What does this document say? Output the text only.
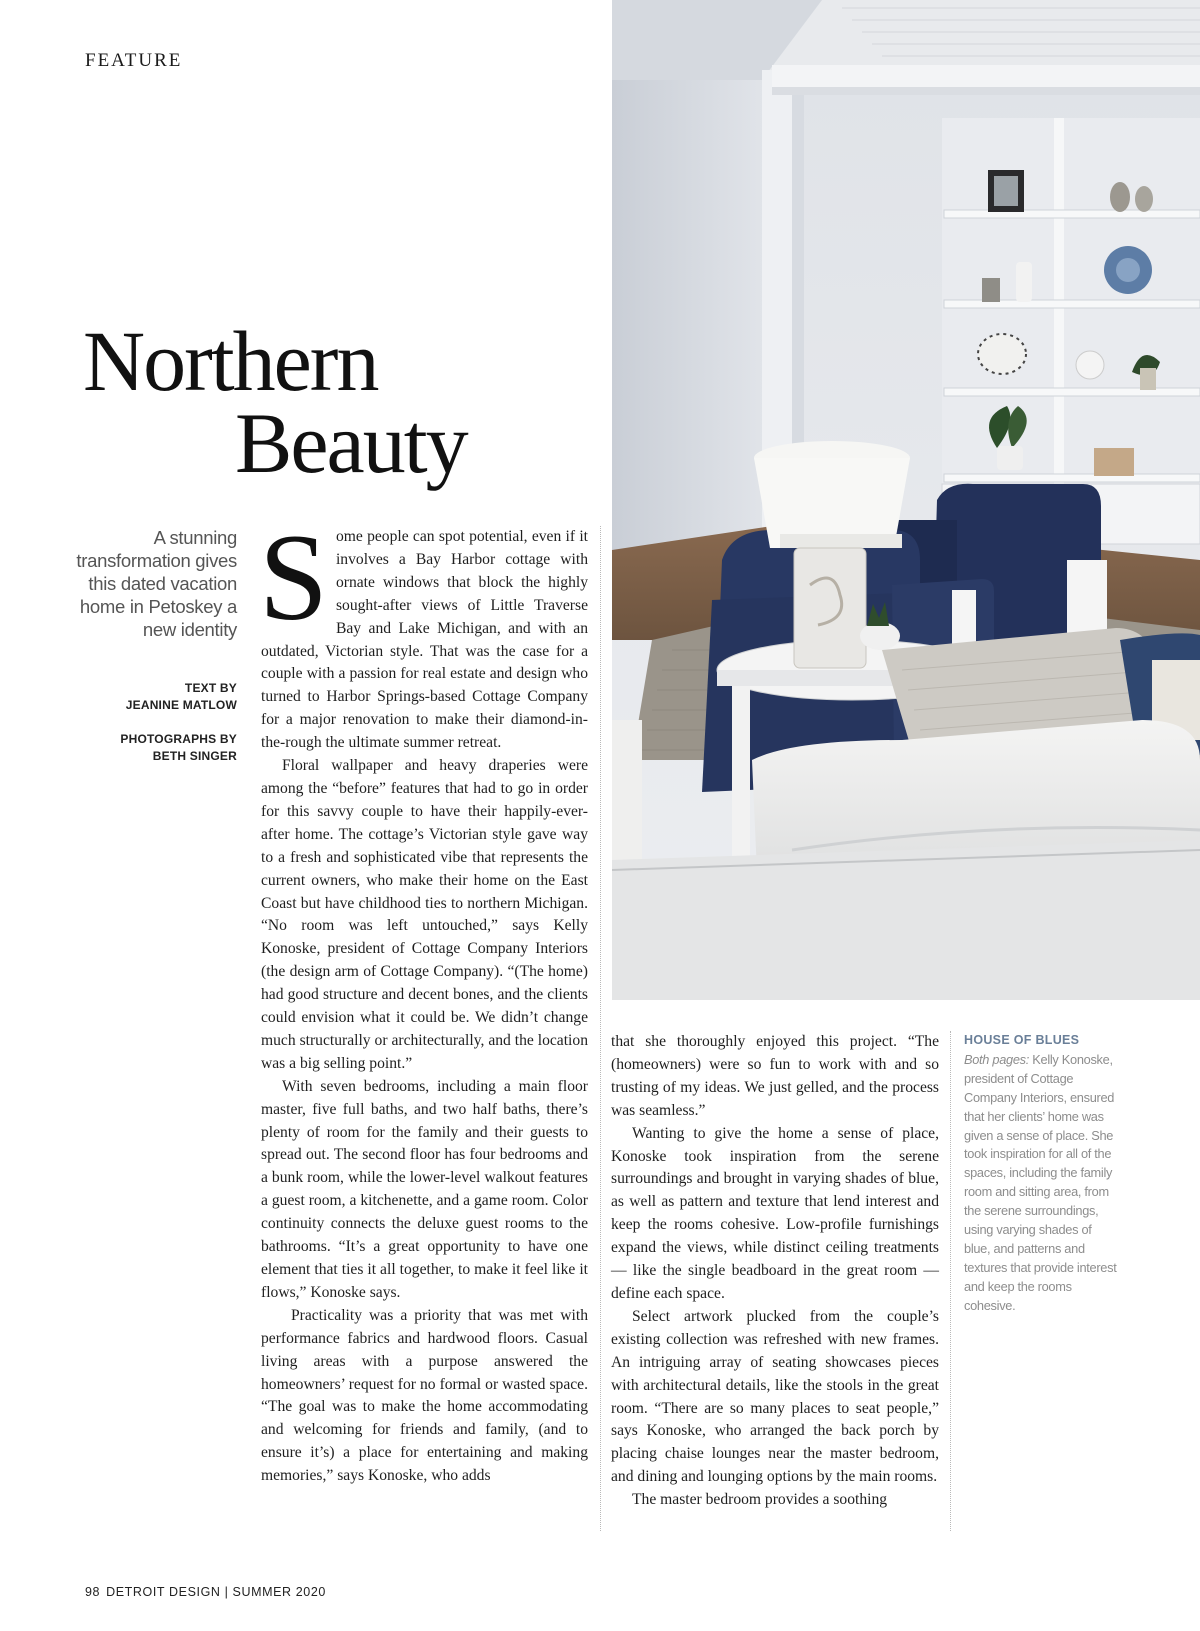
FEATURE
Northern
Beauty
A stunning transformation gives this dated vacation home in Petoskey a new identity
TEXT BY
JEANINE MATLOW
PHOTOGRAPHS BY
BETH SINGER

Some people can spot potential, even if it involves a Bay Harbor cottage with ornate windows that block the highly sought-after views of Little Traverse Bay and Lake Michigan, and with an outdated, Victorian style. That was the case for a couple with a passion for real estate and design who turned to Harbor Springs-based Cottage Company for a major renovation to make their diamond-in-the-rough the ultimate summer retreat.

Floral wallpaper and heavy draperies were among the “before” features that had to go in order for this savvy couple to have their happily-ever-after home. The cottage’s Victorian style gave way to a fresh and sophisticated vibe that represents the current owners, who make their home on the East Coast but have childhood ties to northern Michigan. “No room was left untouched,” says Kelly Konoske, president of Cottage Company Interiors (the design arm of Cottage Company). “(The home) had good structure and decent bones, and the clients could envision what it could be. We didn’t change much structurally or architecturally, and the location was a big selling point.”

With seven bedrooms, including a main floor master, five full baths, and two half baths, there’s plenty of room for the family and their guests to spread out. The second floor has four bedrooms and a bunk room, while the lower-level walkout features a guest room, a kitchenette, and a game room. Color continuity connects the deluxe guest rooms to the bathrooms. “It’s a great opportunity to have one element that ties it all together, to make it feel like it flows,” Konoske says.

Practicality was a priority that was met with performance fabrics and hardwood floors. Casual living areas with a purpose answered the homeowners’ request for no formal or wasted space. “The goal was to make the home accommodating and welcoming for friends and family, (and to ensure it’s) a place for entertaining and making memories,” says Konoske, who adds

that she thoroughly enjoyed this project. “The (homeowners) were so fun to work with and so trusting of my ideas. We just gelled, and the process was seamless.”

Wanting to give the home a sense of place, Konoske took inspiration from the serene surroundings and brought in varying shades of blue, as well as pattern and texture that lend interest and keep the rooms cohesive. Low-profile furnishings expand the views, while distinct ceiling treatments — like the single beadboard in the great room — define each space.

Select artwork plucked from the couple’s existing collection was refreshed with new frames. An intriguing array of seating showcases pieces with architectural details, like the stools in the great room. “There are so many places to seat people,” says Konoske, who arranged the back porch by placing chaise lounges near the master bedroom, and dining and lounging options by the main rooms.

The master bedroom provides a soothing

HOUSE OF BLUES
Both pages: Kelly Konoske, president of Cottage Company Interiors, ensured that her clients’ home was given a sense of place. She took inspiration for all of the spaces, including the family room and sitting area, from the serene surroundings, using varying shades of blue, and patterns and textures that provide interest and keep the rooms cohesive.
98 DETROIT DESIGN | SUMMER 2020
